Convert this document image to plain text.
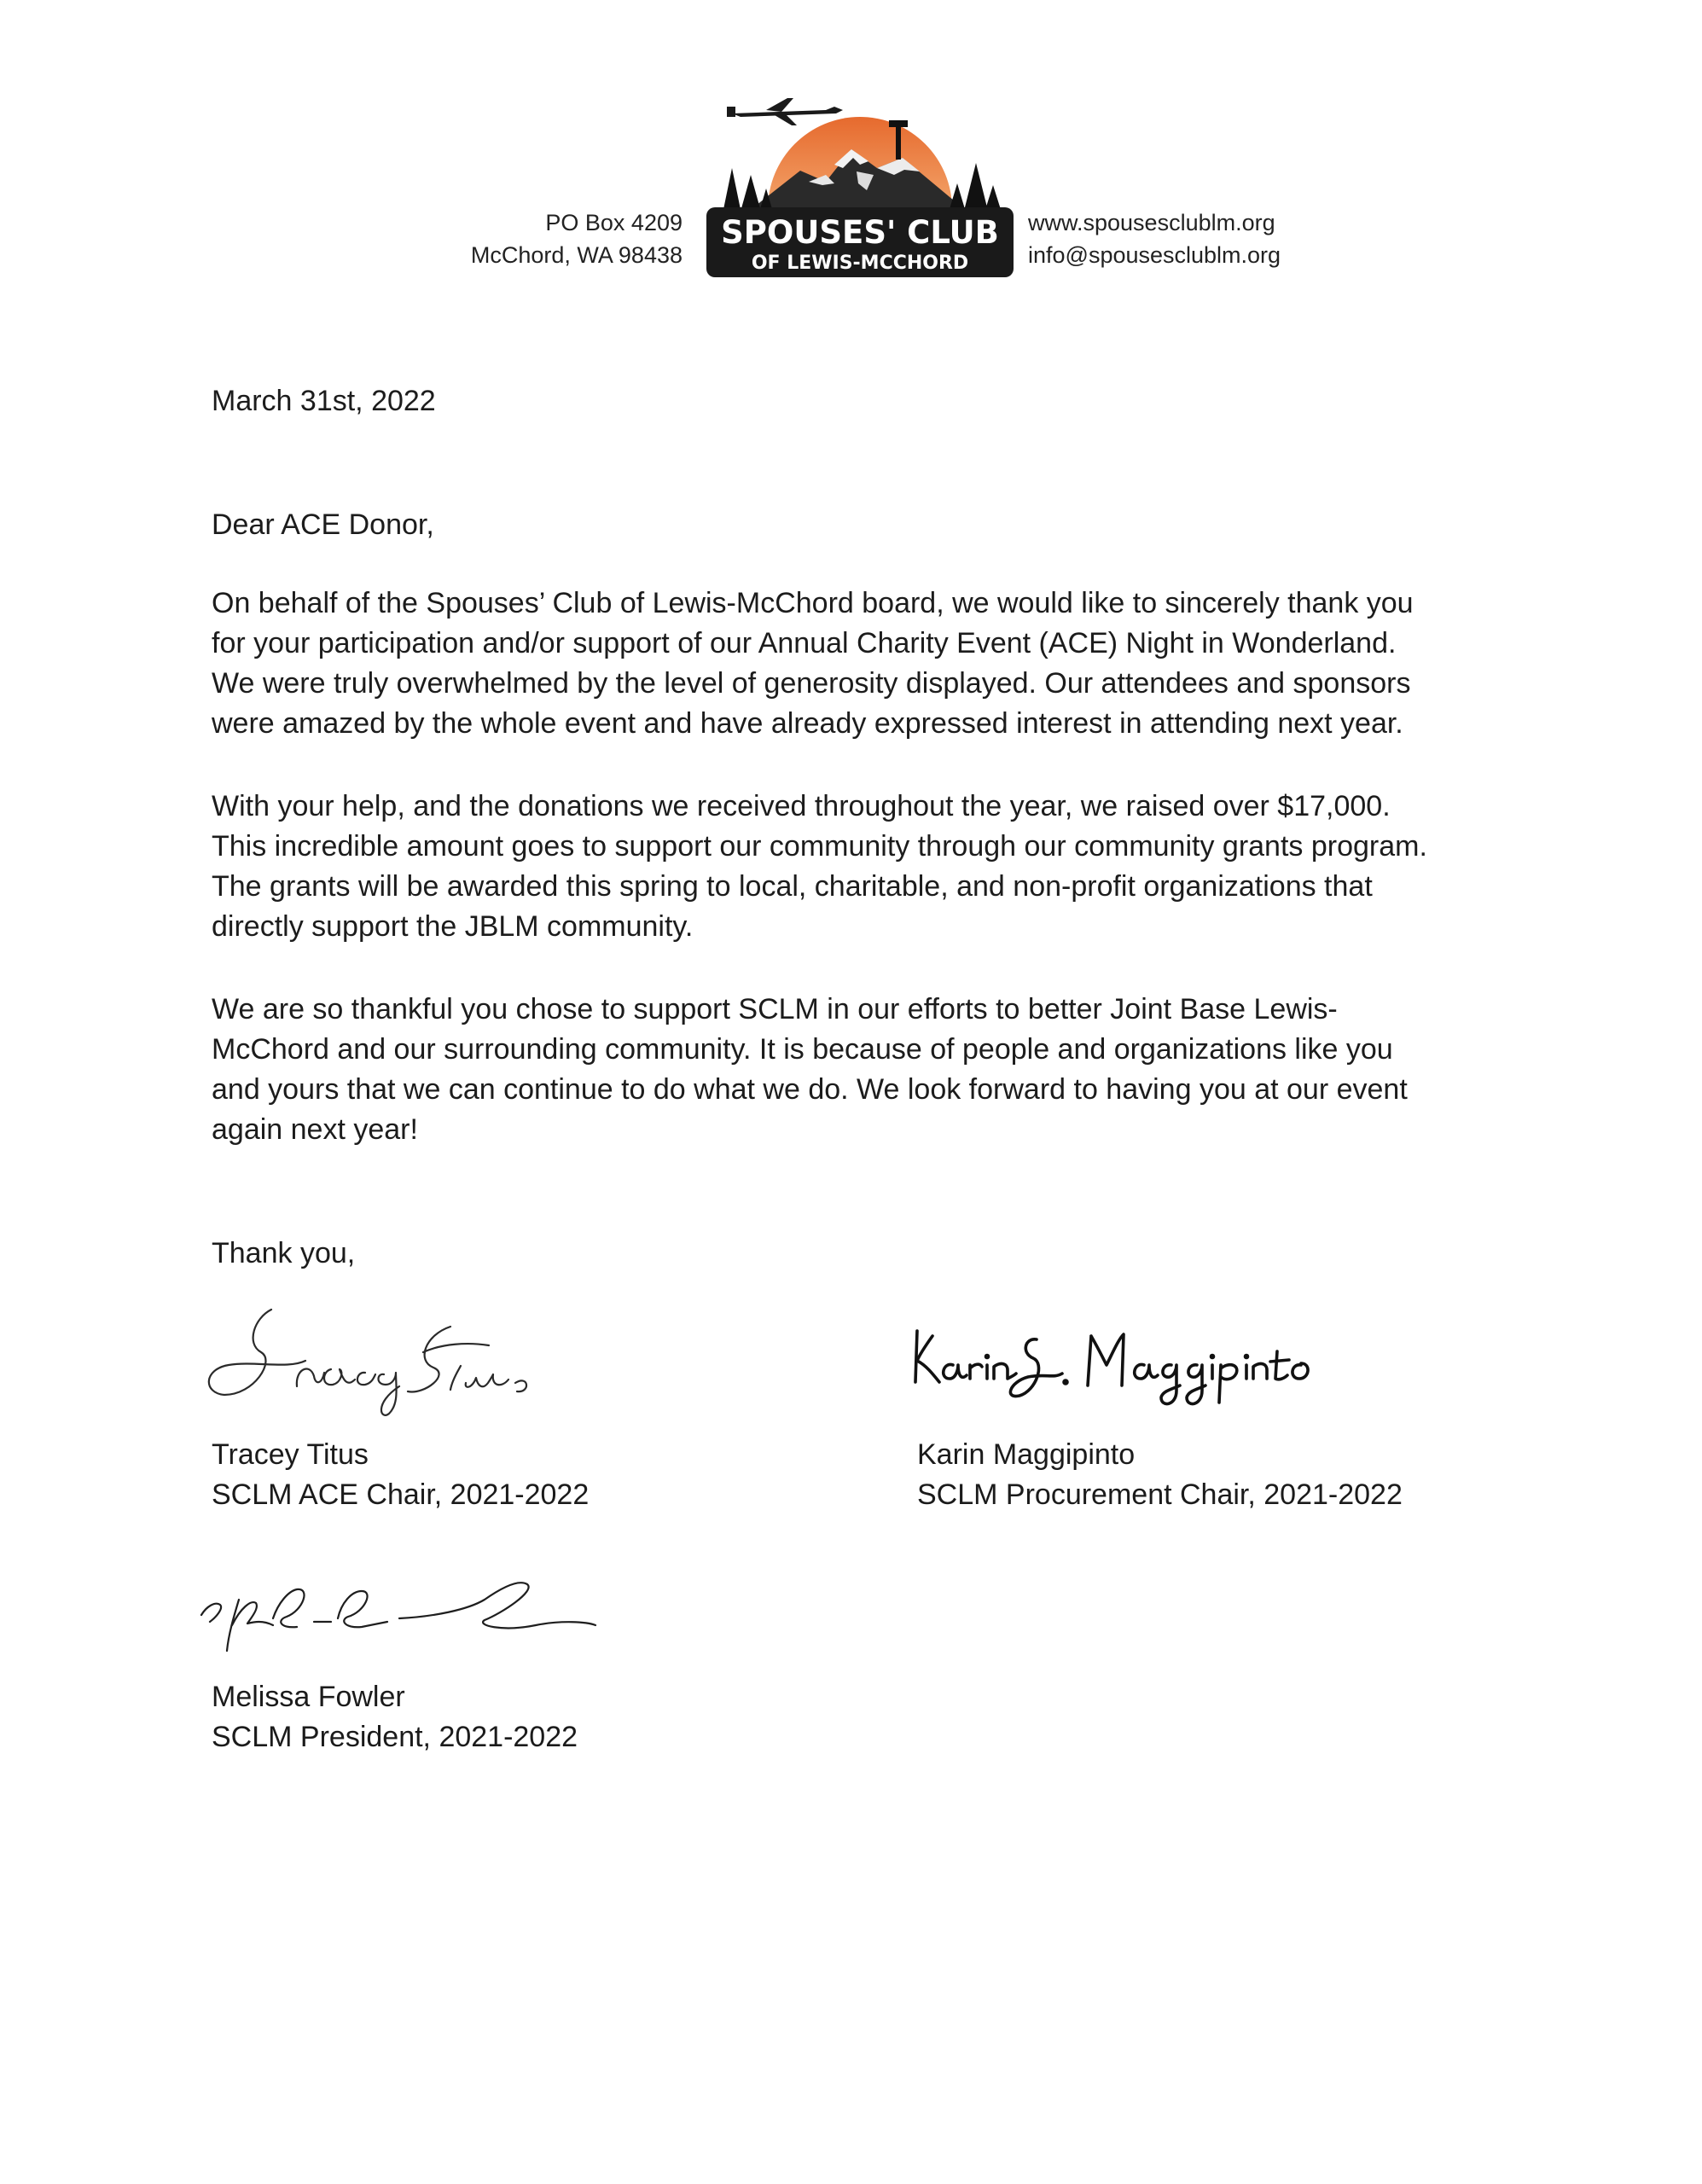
PO Box 4209
McChord, WA 98438
SPOUSES' CLUB
OF LEWIS-MCCHORD
www.spousesclublm.org
info@spousesclublm.org
March 31st, 2022
Dear ACE Donor,
On behalf of the Spouses’ Club of Lewis-McChord board, we would like to sincerely thank you
for your participation and/or support of our Annual Charity Event (ACE) Night in Wonderland.
We were truly overwhelmed by the level of generosity displayed. Our attendees and sponsors
were amazed by the whole event and have already expressed interest in attending next year.
With your help, and the donations we received throughout the year, we raised over $17,000.
This incredible amount goes to support our community through our community grants program.
The grants will be awarded this spring to local, charitable, and non-profit organizations that
directly support the JBLM community.
We are so thankful you chose to support SCLM in our efforts to better Joint Base Lewis-
McChord and our surrounding community. It is because of people and organizations like you
and yours that we can continue to do what we do. We look forward to having you at our event
again next year!
Thank you,
Tracey Titus
SCLM ACE Chair, 2021-2022
Karin Maggipinto
SCLM Procurement Chair, 2021-2022
Melissa Fowler
SCLM President, 2021-2022
